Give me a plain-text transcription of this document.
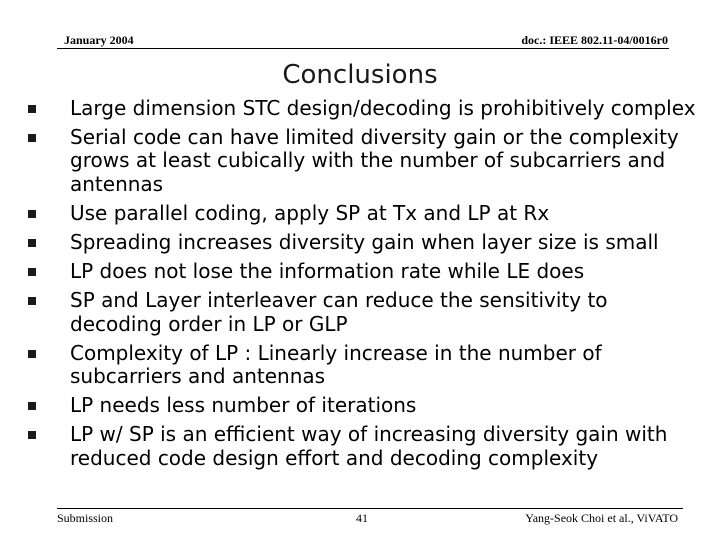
January 2004	doc.: IEEE 802.11-04/0016r0
Conclusions
Large dimension STC design/decoding is prohibitively complex
Serial code can have limited diversity gain or the complexity grows at least cubically with the number of subcarriers and antennas
Use parallel coding, apply SP at Tx and LP at Rx
Spreading increases diversity gain when layer size is small
LP does not lose the information rate while LE does
SP and Layer interleaver can reduce the sensitivity to decoding order in LP or GLP
Complexity of LP : Linearly increase in the number of subcarriers and antennas
LP needs less number of iterations
LP w/ SP is an efficient way of increasing diversity gain with reduced code design effort and decoding complexity
Submission	41	Yang-Seok Choi et al., ViVATO
